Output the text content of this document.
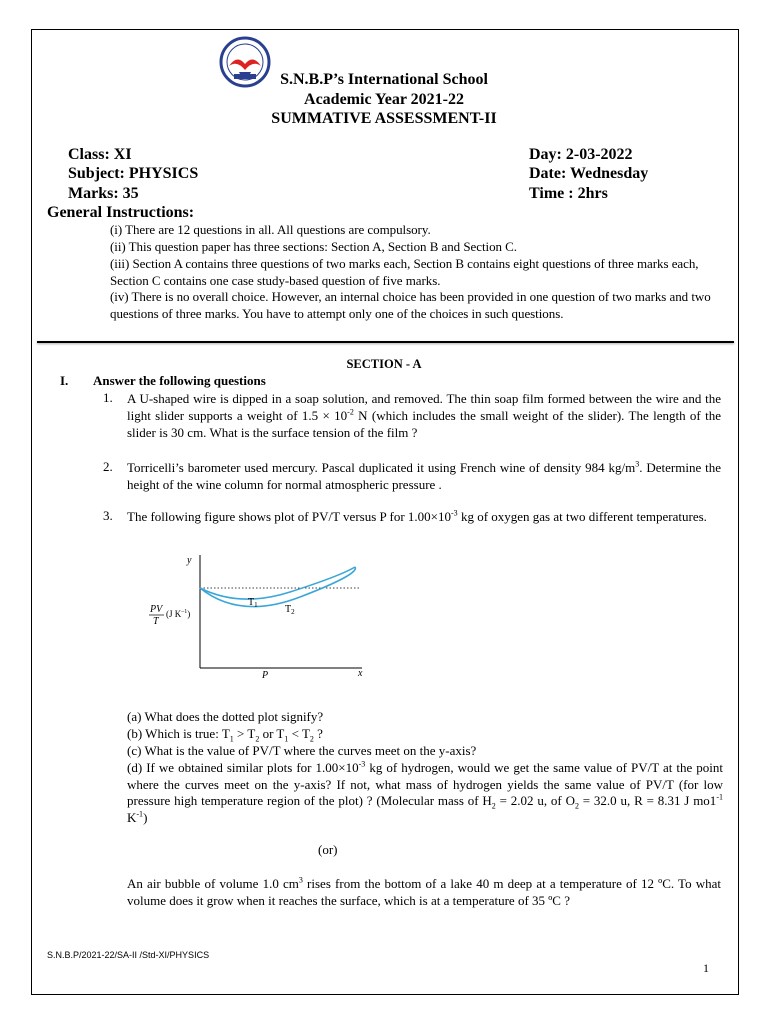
S.N.B.P’s International School
Academic Year 2021-22
SUMMATIVE ASSESSMENT-II
Class: XI
Subject: PHYSICS
Marks: 35
Day: 2-03-2022
Date: Wednesday
Time : 2hrs
General Instructions:
(i) There are 12 questions in all. All questions are compulsory.
(ii) This question paper has three sections: Section A, Section B and Section C.
(iii) Section A contains three questions of two marks each, Section B contains eight questions of three marks each, Section C contains one case study-based question of five marks.
(iv) There is no overall choice. However, an internal choice has been provided in one question of two marks and two questions of three marks. You have to attempt only one of the choices in such questions.
SECTION - A
I. Answer the following questions
1. A U-shaped wire is dipped in a soap solution, and removed. The thin soap film formed between the wire and the light slider supports a weight of $1.5 \times 10^{-2}$ N (which includes the small weight of the slider). The length of the slider is 30 cm. What is the surface tension of the film ?
2. Torricelli’s barometer used mercury. Pascal duplicated it using French wine of density 984 $kg/m^3$. Determine the height of the wine column for normal atmospheric pressure .
3. The following figure shows plot of PV/T versus P for $1.00\times 10^{-3}$ kg of oxygen gas at two different temperatures.
y
x
P
$T_1$	$T_2$
PV
T
(J $K^{-1}$)
(a) What does the dotted plot signify?
(b) Which is true: $T_1 > T_2$ or $T_1 < T_2$ ?
(c) What is the value of PV/T where the curves meet on the y-axis?
(d) If we obtained similar plots for $1.00\times 10^{-3}$ kg of hydrogen, would we get the same value of PV/T at the point where the curves meet on the y-axis? If not, what mass of hydrogen yields the same value of PV/T (for low pressure high temperature region of the plot) ? (Molecular mass of $H_2 = 2.02$ u, of $O_2 = 32.0$ u, R = 8.31 J $mo1^{-1}$ $K^{-1}$)
(or)
An air bubble of volume 1.0 $cm^3$ rises from the bottom of a lake 40 m deep at a temperature of 12 ºC. To what volume does it grow when it reaches the surface, which is at a temperature of 35 ºC ?
S.N.B.P/2021-22/SA-II /Std-XI/PHYSICS
1
